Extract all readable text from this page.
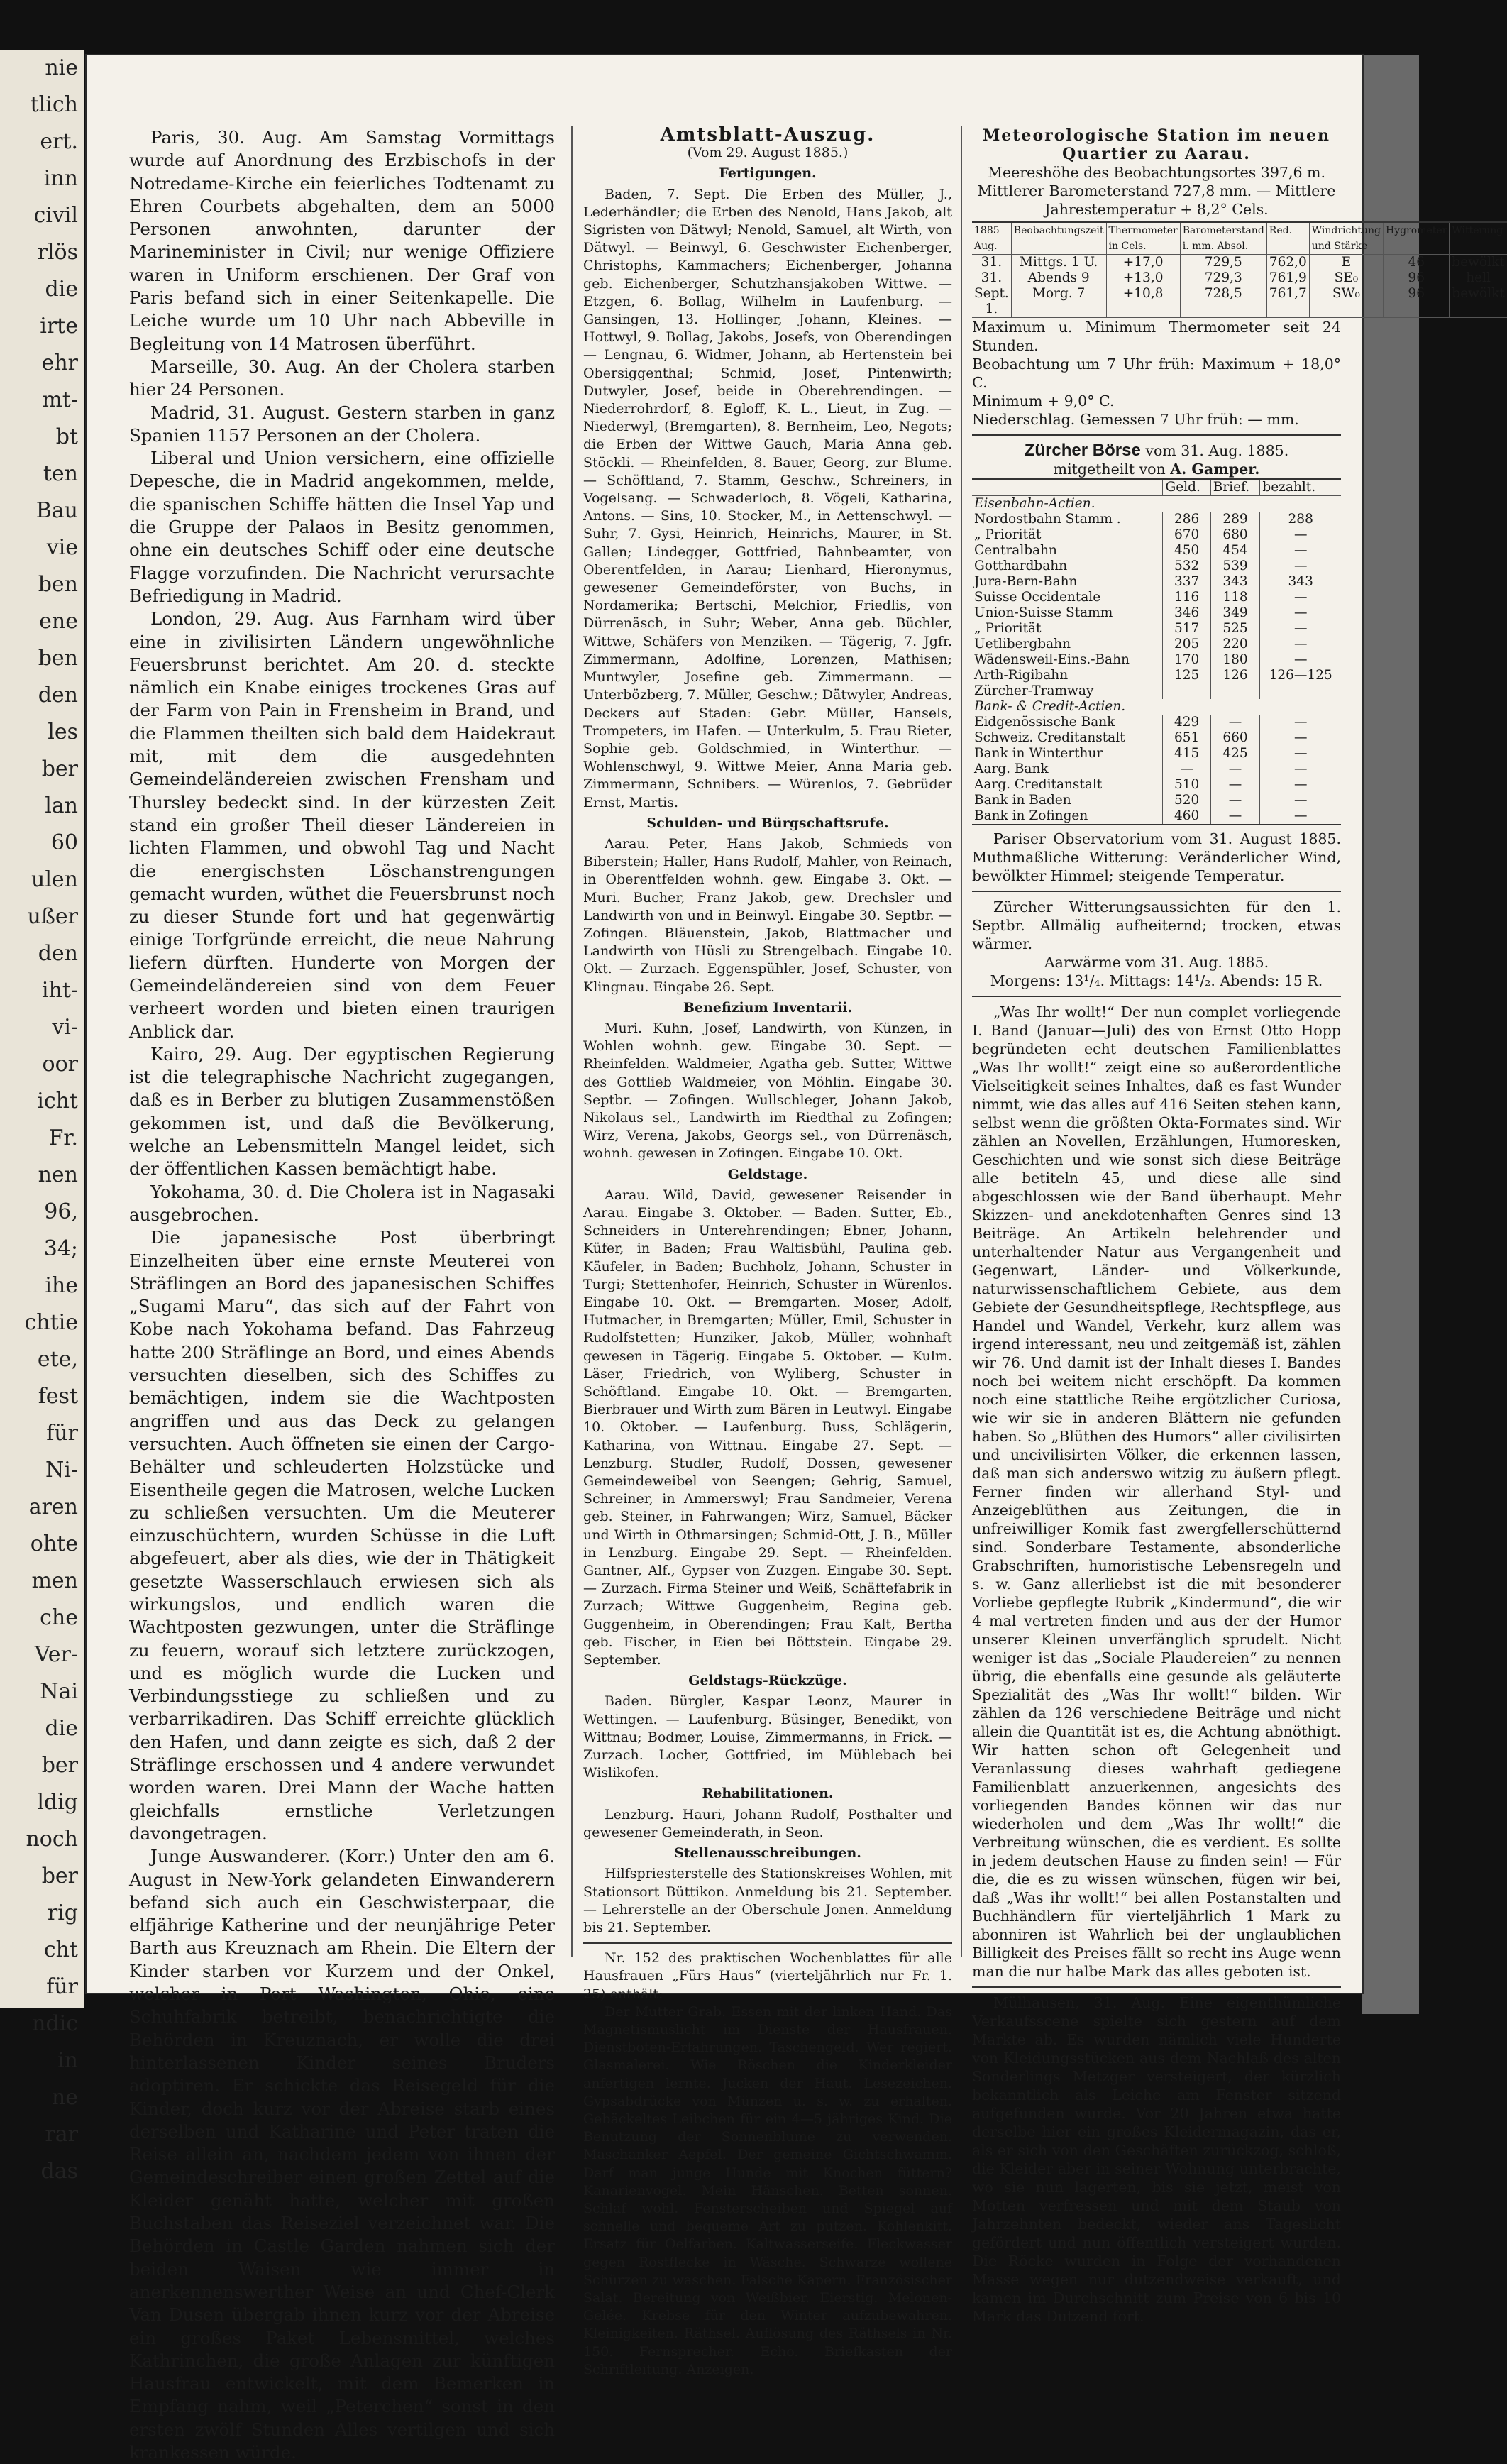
nie
tlich
ert.
inn
civil
rlös
die
irte
ehr
mt-
bt
ten
Bau
vie
ben
ene
ben
den
les
ber
lan
60
ulen
ußer
den
iht-
vi-
oor
icht
Fr.
nen
96,
34;
ihe
chtie
ete,
fest
für
Ni-
aren
ohte
men
che
Ver-
Nai
die
ber
ldig
noch
ber
rig
cht
für
ndic
in
ne
rar
das

Paris, 30. Aug. Am Samstag Vormittags wurde auf Anordnung des Erzbischofs in der Notredame-Kirche ein feierliches Todtenamt zu Ehren Courbets abgehalten, dem an 5000 Personen anwohnten, darunter der Marineminister in Civil; nur wenige Offiziere waren in Uniform erschienen. Der Graf von Paris befand sich in einer Seitenkapelle. Die Leiche wurde um 10 Uhr nach Abbeville in Begleitung von 14 Matrosen überführt.

Marseille, 30. Aug. An der Cholera starben hier 24 Personen.

Madrid, 31. August. Gestern starben in ganz Spanien 1157 Personen an der Cholera.

Liberal und Union versichern, eine offizielle Depesche, die in Madrid angekommen, melde, die spanischen Schiffe hätten die Insel Yap und die Gruppe der Palaos in Besitz genommen, ohne ein deutsches Schiff oder eine deutsche Flagge vorzufinden. Die Nachricht verursachte Befriedigung in Madrid.

London, 29. Aug. Aus Farnham wird über eine in zivilisirten Ländern ungewöhnliche Feuersbrunst berichtet. Am 20. d. steckte nämlich ein Knabe einiges trockenes Gras auf der Farm von Pain in Frensheim in Brand, und die Flammen theilten sich bald dem Haidekraut mit, mit dem die ausgedehnten Gemeindeländereien zwischen Frensham und Thursley bedeckt sind. In der kürzesten Zeit stand ein großer Theil dieser Ländereien in lichten Flammen, und obwohl Tag und Nacht die energischsten Löschanstrengungen gemacht wurden, wüthet die Feuersbrunst noch zu dieser Stunde fort und hat gegenwärtig einige Torfgründe erreicht, die neue Nahrung liefern dürften. Hunderte von Morgen der Gemeindeländereien sind von dem Feuer verheert worden und bieten einen traurigen Anblick dar.

Kairo, 29. Aug. Der egyptischen Regierung ist die telegraphische Nachricht zugegangen, daß es in Berber zu blutigen Zusammenstößen gekommen ist, und daß die Bevölkerung, welche an Lebensmitteln Mangel leidet, sich der öffentlichen Kassen bemächtigt habe.

Yokohama, 30. d. Die Cholera ist in Nagasaki ausgebrochen.

Die japanesische Post überbringt Einzelheiten über eine ernste Meuterei von Sträflingen an Bord des japanesischen Schiffes „Sugami Maru“, das sich auf der Fahrt von Kobe nach Yokohama befand. Das Fahrzeug hatte 200 Sträflinge an Bord, und eines Abends versuchten dieselben, sich des Schiffes zu bemächtigen, indem sie die Wachtposten angriffen und aus das Deck zu gelangen versuchten. Auch öffneten sie einen der Cargo-Behälter und schleuderten Holzstücke und Eisentheile gegen die Matrosen, welche Lucken zu schließen versuchten. Um die Meuterer einzuschüchtern, wurden Schüsse in die Luft abgefeuert, aber als dies, wie der in Thätigkeit gesetzte Wasserschlauch erwiesen sich als wirkungslos, und endlich waren die Wachtposten gezwungen, unter die Sträflinge zu feuern, worauf sich letztere zurückzogen, und es möglich wurde die Lucken und Verbindungsstiege zu schließen und zu verbarrikadiren. Das Schiff erreichte glücklich den Hafen, und dann zeigte es sich, daß 2 der Sträflinge erschossen und 4 andere verwundet worden waren. Drei Mann der Wache hatten gleichfalls ernstliche Verletzungen davongetragen.

Junge Auswanderer. (Korr.) Unter den am 6. August in New-York gelandeten Einwanderern befand sich auch ein Geschwisterpaar, die elfjährige Katherine und der neunjährige Peter Barth aus Kreuznach am Rhein. Die Eltern der Kinder starben vor Kurzem und der Onkel, welcher in Port Washington, Ohio, eine Schuhfabrik betreibt, benachrichtigte die Behörden in Kreuznach, er wolle die drei hinterlassenen Kinder seines Bruders adoptiren. Er schickte das Reisegeld für die Kinder, doch kurz vor der Abreise starb eines derselben und Katharine und Peter traten die Reise allein an, nachdem jedem von ihnen der Gemeindeschreiber einen großen Zettel auf die Kleider genäht hatte, welcher mit großen Buchstaben das Reiseziel verzeichnet war. Die Behörden in Castle Garden nahmen sich der beiden Waisen wie immer in anerkennenswerther Weise an und Chef-Clerk Van Dusen übergab ihnen kurz vor der Abreise ein großes Paket Lebensmittel, welches Kathrinchen, die große Anlagen zur künftigen Hausfrau entwickelt, mit dem Bemerken in Empfang nahm, weil „Peterchen“ sonst in den ersten zwölf Stunden Alles vertilgen und sich krankessen würde.

Amtsblatt-Auszug.

(Vom 29. August 1885.)

Fertigungen.

Baden, 7. Sept. Die Erben des Müller, J., Lederhändler; die Erben des Nenold, Hans Jakob, alt Sigristen von Dätwyl; Nenold, Samuel, alt Wirth, von Dätwyl. — Beinwyl, 6. Geschwister Eichenberger, Christophs, Kammachers; Eichenberger, Johanna geb. Eichenberger, Schutzhansjakoben Wittwe. — Etzgen, 6. Bollag, Wilhelm in Laufenburg. — Gansingen, 13. Hollinger, Johann, Kleines. — Hottwyl, 9. Bollag, Jakobs, Josefs, von Oberendingen — Lengnau, 6. Widmer, Johann, ab Hertenstein bei Obersiggenthal; Schmid, Josef, Pintenwirth; Dutwyler, Josef, beide in Oberehrendingen. — Niederrohrdorf, 8. Egloff, K. L., Lieut, in Zug. — Niederwyl, (Bremgarten), 8. Bernheim, Leo, Negots; die Erben der Wittwe Gauch, Maria Anna geb. Stöckli. — Rheinfelden, 8. Bauer, Georg, zur Blume. — Schöftland, 7. Stamm, Geschw., Schreiners, in Vogelsang. — Schwaderloch, 8. Vögeli, Katharina, Antons. — Sins, 10. Stocker, M., in Aettenschwyl. — Suhr, 7. Gysi, Heinrich, Heinrichs, Maurer, in St. Gallen; Lindegger, Gottfried, Bahnbeamter, von Oberentfelden, in Aarau; Lienhard, Hieronymus, gewesener Gemeindeförster, von Buchs, in Nordamerika; Bertschi, Melchior, Friedlis, von Dürrenäsch, in Suhr; Weber, Anna geb. Büchler, Wittwe, Schäfers von Menziken. — Tägerig, 7. Jgfr. Zimmermann, Adolfine, Lorenzen, Mathisen; Muntwyler, Josefine geb. Zimmermann. — Unterbözberg, 7. Müller, Geschw.; Dätwyler, Andreas, Deckers auf Staden: Gebr. Müller, Hansels, Trompeters, im Hafen. — Unterkulm, 5. Frau Rieter, Sophie geb. Goldschmied, in Winterthur. — Wohlenschwyl, 9. Wittwe Meier, Anna Maria geb. Zimmermann, Schnibers. — Würenlos, 7. Gebrüder Ernst, Martis.

Schulden- und Bürgschaftsrufe.

Aarau. Peter, Hans Jakob, Schmieds von Biberstein; Haller, Hans Rudolf, Mahler, von Reinach, in Oberentfelden wohnh. gew. Eingabe 3. Okt. — Muri. Bucher, Franz Jakob, gew. Drechsler und Landwirth von und in Beinwyl. Eingabe 30. Septbr. — Zofingen. Bläuenstein, Jakob, Blattmacher und Landwirth von Hüsli zu Strengelbach. Eingabe 10. Okt. — Zurzach. Eggenspühler, Josef, Schuster, von Klingnau. Eingabe 26. Sept.

Benefizium Inventarii.

Muri. Kuhn, Josef, Landwirth, von Künzen, in Wohlen wohnh. gew. Eingabe 30. Sept. — Rheinfelden. Waldmeier, Agatha geb. Sutter, Wittwe des Gottlieb Waldmeier, von Möhlin. Eingabe 30. Septbr. — Zofingen. Wullschleger, Johann Jakob, Nikolaus sel., Landwirth im Riedthal zu Zofingen; Wirz, Verena, Jakobs, Georgs sel., von Dürrenäsch, wohnh. gewesen in Zofingen. Eingabe 10. Okt.

Geldstage.

Aarau. Wild, David, gewesener Reisender in Aarau. Eingabe 3. Oktober. — Baden. Sutter, Eb., Schneiders in Unterehrendingen; Ebner, Johann, Küfer, in Baden; Frau Waltisbühl, Paulina geb. Käufeler, in Baden; Buchholz, Johann, Schuster in Turgi; Stettenhofer, Heinrich, Schuster in Würenlos. Eingabe 10. Okt. — Bremgarten. Moser, Adolf, Hutmacher, in Bremgarten; Müller, Emil, Schuster in Rudolfstetten; Hunziker, Jakob, Müller, wohnhaft gewesen in Tägerig. Eingabe 5. Oktober. — Kulm. Läser, Friedrich, von Wyliberg, Schuster in Schöftland. Eingabe 10. Okt. — Bremgarten, Bierbrauer und Wirth zum Bären in Leutwyl. Eingabe 10. Oktober. — Laufenburg. Buss, Schlägerin, Katharina, von Wittnau. Eingabe 27. Sept. — Lenzburg. Studler, Rudolf, Dossen, gewesener Gemeindeweibel von Seengen; Gehrig, Samuel, Schreiner, in Ammerswyl; Frau Sandmeier, Verena geb. Steiner, in Fahrwangen; Wirz, Samuel, Bäcker und Wirth in Othmarsingen; Schmid-Ott, J. B., Müller in Lenzburg. Eingabe 29. Sept. — Rheinfelden. Gantner, Alf., Gypser von Zuzgen. Eingabe 30. Sept. — Zurzach. Firma Steiner und Weiß, Schäftefabrik in Zurzach; Wittwe Guggenheim, Regina geb. Guggenheim, in Oberendingen; Frau Kalt, Bertha geb. Fischer, in Eien bei Böttstein. Eingabe 29. September.

Geldstags-Rückzüge.

Baden. Bürgler, Kaspar Leonz, Maurer in Wettingen. — Laufenburg. Büsinger, Benedikt, von Wittnau; Bodmer, Louise, Zimmermanns, in Frick. — Zurzach. Locher, Gottfried, im Mühlebach bei Wislikofen.

Rehabilitationen.

Lenzburg. Hauri, Johann Rudolf, Posthalter und gewesener Gemeinderath, in Seon.

Stellenausschreibungen.

Hilfspriesterstelle des Stationskreises Wohlen, mit Stationsort Büttikon. Anmeldung bis 21. September. — Lehrerstelle an der Oberschule Jonen. Anmeldung bis 21. September.

Nr. 152 des praktischen Wochenblattes für alle Hausfrauen „Fürs Haus“ (vierteljährlich nur Fr. 1. 25) enthält:

Der Mutter Grab. Essen mit der linken Hand. Das Magnetismuslicht im Dienste der Hausfrauen. Dienstboten-Erfahrungen. Taschengeld. Wer regiert. Glasmalerei. Wie Röschen die Kinderkleider anfertigen lernte. Jucken der Haut. Lesezeichen. Gypsabdrücke von Münzen u. s. w. zu erhalten. Gebäckeltes Leibchen für ein 4—5 jähriges Kind. Die Benutzung der Sonnenblume zu verwenden. Maschanker Aepfel. Der gemeine Gichtschwamm. Darf man junge Hunde mit Knochen füttern? Kanarienvogel. Mein Hänschen. Betten sonnen. Schlaf wohl. Fensterscheiben und Spiegel auf schnelle und bequeme Art zu putzen. Kohlenkitt. Ersatz für Oelfarben. Kaltwasserseife. Fleckwasser gegen Rostflecke in Wäsche. Schwarze wollene Schürzen zu waschen. Falsche Kapern. Französischer Salat. Bereitung von Weißbier. Eierstig. Melonen-Gelée. Krebse für den Winter aufzubewahren. Kleinigkeiten. Räthsel. Auflösung des Räthsels in Nr. 150. Fernsprecher. Echo. Briefkasten der Schriftleitung. Anzeigen.

Meteorologische Station im neuen Quartier zu Aarau.

Meereshöhe des Beobachtungsortes 397,6 m.

Mittlerer Barometerstand 727,8 mm. — Mittlere Jahrestemperatur + 8,2° Cels.

1885 Aug.	Beobachtungszeit	Thermometer in Cels.	Barometerstand i. mm. Absol.	Red.	Windrichtung und Stärke	Hygrometer	Witterung
31.	Mittgs. 1 U.	+17,0	729,5	762,0	E	46	bewölkt
31.	Abends 9	+13,0	729,3	761,9	SE₀	96	hell
Sept. 1.	Morg. 7	+10,8	728,5	761,7	SW₀	96	bewölkt

Maximum u. Minimum Thermometer seit 24 Stunden.

Beobachtung um 7 Uhr früh: Maximum + 18,0° C.

Minimum + 9,0° C.

Niederschlag. Gemessen 7 Uhr früh: — mm.

Zürcher Börse vom 31. Aug. 1885.

mitgetheilt von A. Gamper.

	Geld.	Brief.	bezahlt.
Eisenbahn-Actien.			
Nordostbahn Stamm .	286	289	288
„ Priorität	670	680	—
Centralbahn	450	454	—
Gotthardbahn	532	539	—
Jura-Bern-Bahn	337	343	343
Suisse Occidentale	116	118	—
Union-Suisse Stamm	346	349	—
„ Priorität	517	525	—
Uetlibergbahn	205	220	—
Wädensweil-Eins.-Bahn	170	180	—
Arth-Rigibahn	125	126	126—125
Zürcher-Tramway			
Bank- & Credit-Actien.			
Eidgenössische Bank	429	—	—
Schweiz. Creditanstalt	651	660	—
Bank in Winterthur	415	425	—
Aarg. Bank	—	—	—
Aarg. Creditanstalt	510	—	—
Bank in Baden	520	—	—
Bank in Zofingen	460	—	—

Pariser Observatorium vom 31. August 1885. Muthmaßliche Witterung: Veränderlicher Wind, bewölkter Himmel; steigende Temperatur.

Zürcher Witterungsaussichten für den 1. Septbr. Allmälig aufheiternd; trocken, etwas wärmer.

Aarwärme vom 31. Aug. 1885.

Morgens: 13¹/₄. Mittags: 14¹/₂. Abends: 15 R.

„Was Ihr wollt!“ Der nun complet vorliegende I. Band (Januar—Juli) des von Ernst Otto Hopp begründeten echt deutschen Familienblattes „Was Ihr wollt!“ zeigt eine so außerordentliche Vielseitigkeit seines Inhaltes, daß es fast Wunder nimmt, wie das alles auf 416 Seiten stehen kann, selbst wenn die größten Okta-Formates sind. Wir zählen an Novellen, Erzählungen, Humoresken, Geschichten und wie sonst sich diese Beiträge alle betiteln 45, und diese alle sind abgeschlossen wie der Band überhaupt. Mehr Skizzen- und anekdotenhaften Genres sind 13 Beiträge. An Artikeln belehrender und unterhaltender Natur aus Vergangenheit und Gegenwart, Länder- und Völkerkunde, naturwissenschaftlichem Gebiete, aus dem Gebiete der Gesundheitspflege, Rechtspflege, aus Handel und Wandel, Verkehr, kurz allem was irgend interessant, neu und zeitgemäß ist, zählen wir 76. Und damit ist der Inhalt dieses I. Bandes noch bei weitem nicht erschöpft. Da kommen noch eine stattliche Reihe ergötzlicher Curiosa, wie wir sie in anderen Blättern nie gefunden haben. So „Blüthen des Humors“ aller civilisirten und uncivilisirten Völker, die erkennen lassen, daß man sich anderswo witzig zu äußern pflegt. Ferner finden wir allerhand Styl- und Anzeigeblüthen aus Zeitungen, die in unfreiwilliger Komik fast zwergfellerschütternd sind. Sonderbare Testamente, absonderliche Grabschriften, humoristische Lebensregeln und s. w. Ganz allerliebst ist die mit besonderer Vorliebe gepflegte Rubrik „Kindermund“, die wir 4 mal vertreten finden und aus der der Humor unserer Kleinen unverfänglich sprudelt. Nicht weniger ist das „Sociale Plaudereien“ zu nennen übrig, die ebenfalls eine gesunde als geläuterte Spezialität des „Was Ihr wollt!“ bilden. Wir zählen da 126 verschiedene Beiträge und nicht allein die Quantität ist es, die Achtung abnöthigt. Wir hatten schon oft Gelegenheit und Veranlassung dieses wahrhaft gediegene Familienblatt anzuerkennen, angesichts des vorliegenden Bandes können wir das nur wiederholen und dem „Was Ihr wollt!“ die Verbreitung wünschen, die es verdient. Es sollte in jedem deutschen Hause zu finden sein! — Für die, die es zu wissen wünschen, fügen wir bei, daß „Was ihr wollt!“ bei allen Postanstalten und Buchhändlern für vierteljährlich 1 Mark zu abonniren ist Wahrlich bei der unglaublichen Billigkeit des Preises fällt so recht ins Auge wenn man die nur halbe Mark das alles geboten ist.

Mülhausen, 31. Aug. Eine eigenthümliche Verkaufsscene spielte sich gestern auf dem Markte ab. Es wurden nämlich viele Hunderte von Kleidungsstücken aus dem Nachlaß des alten Sonderlings Metzger versteigert, der kürzlich bekanntlich als Leiche am Fenster sitzend aufgefunden wurde. Vor 20 Jahren etwa hatte derselbe hier ein großes Kleidermagazin, das er, als er sich von den Geschäften zurückzog, schloß, die Kleider aber in seiner Wohnung unterbrachte, wo sie nun lagerten, bis sie jetzt, meist von Motten verfressen und mit dem Staub von Jahrzehnten bedeckt, wieder ans Tageslicht gefördert und nun öffentlich versteigert wurden. Die Röcke wurden in Folge der vorhandenen Masse wegen nur dutzendweise verkauft, und kamen im Durchschnitt zum Preise von 6 bis 10 Mark das Dutzend fort.
